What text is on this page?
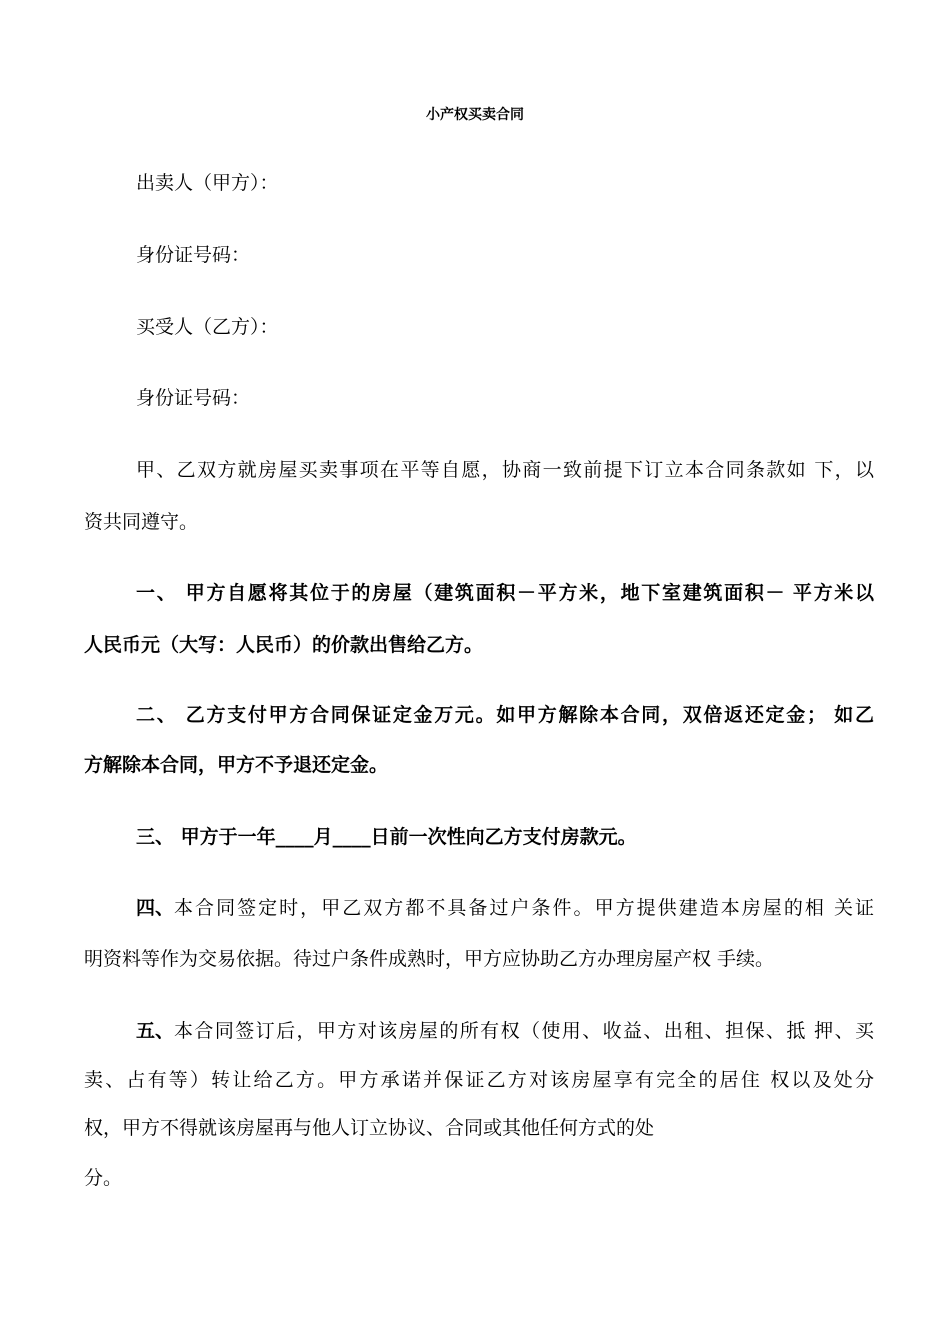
小产权买卖合同
出卖人（甲方）：
身份证号码：
买受人（乙方）：
身份证号码：
甲、乙双方就房屋买卖事项在平等自愿，协商一致前提下订立本合同条款如 下，以
资共同遵守。
一、 甲方自愿将其位于的房屋（建筑面积－平方米，地下室建筑面积－ 平方米以
人民币元（大写：人民币）的价款出售给乙方。
二、 乙方支付甲方合同保证定金万元。如甲方解除本合同，双倍返还定金； 如乙
方解除本合同，甲方不予退还定金。
三、 甲方于一年____月____日前一次性向乙方支付房款元。
四、 本合同签定时，甲乙双方都不具备过户条件。甲方提供建造本房屋的相 关证
明资料等作为交易依据。待过户条件成熟时，甲方应协助乙方办理房屋产权 手续。
五、 本合同签订后，甲方对该房屋的所有权（使用、收益、出租、担保、抵 押、买
卖、占有等）转让给乙方。甲方承诺并保证乙方对该房屋享有完全的居住 权以及处分
权，甲方不得就该房屋再与他人订立协议、合同或其他任何方式的处
分。
